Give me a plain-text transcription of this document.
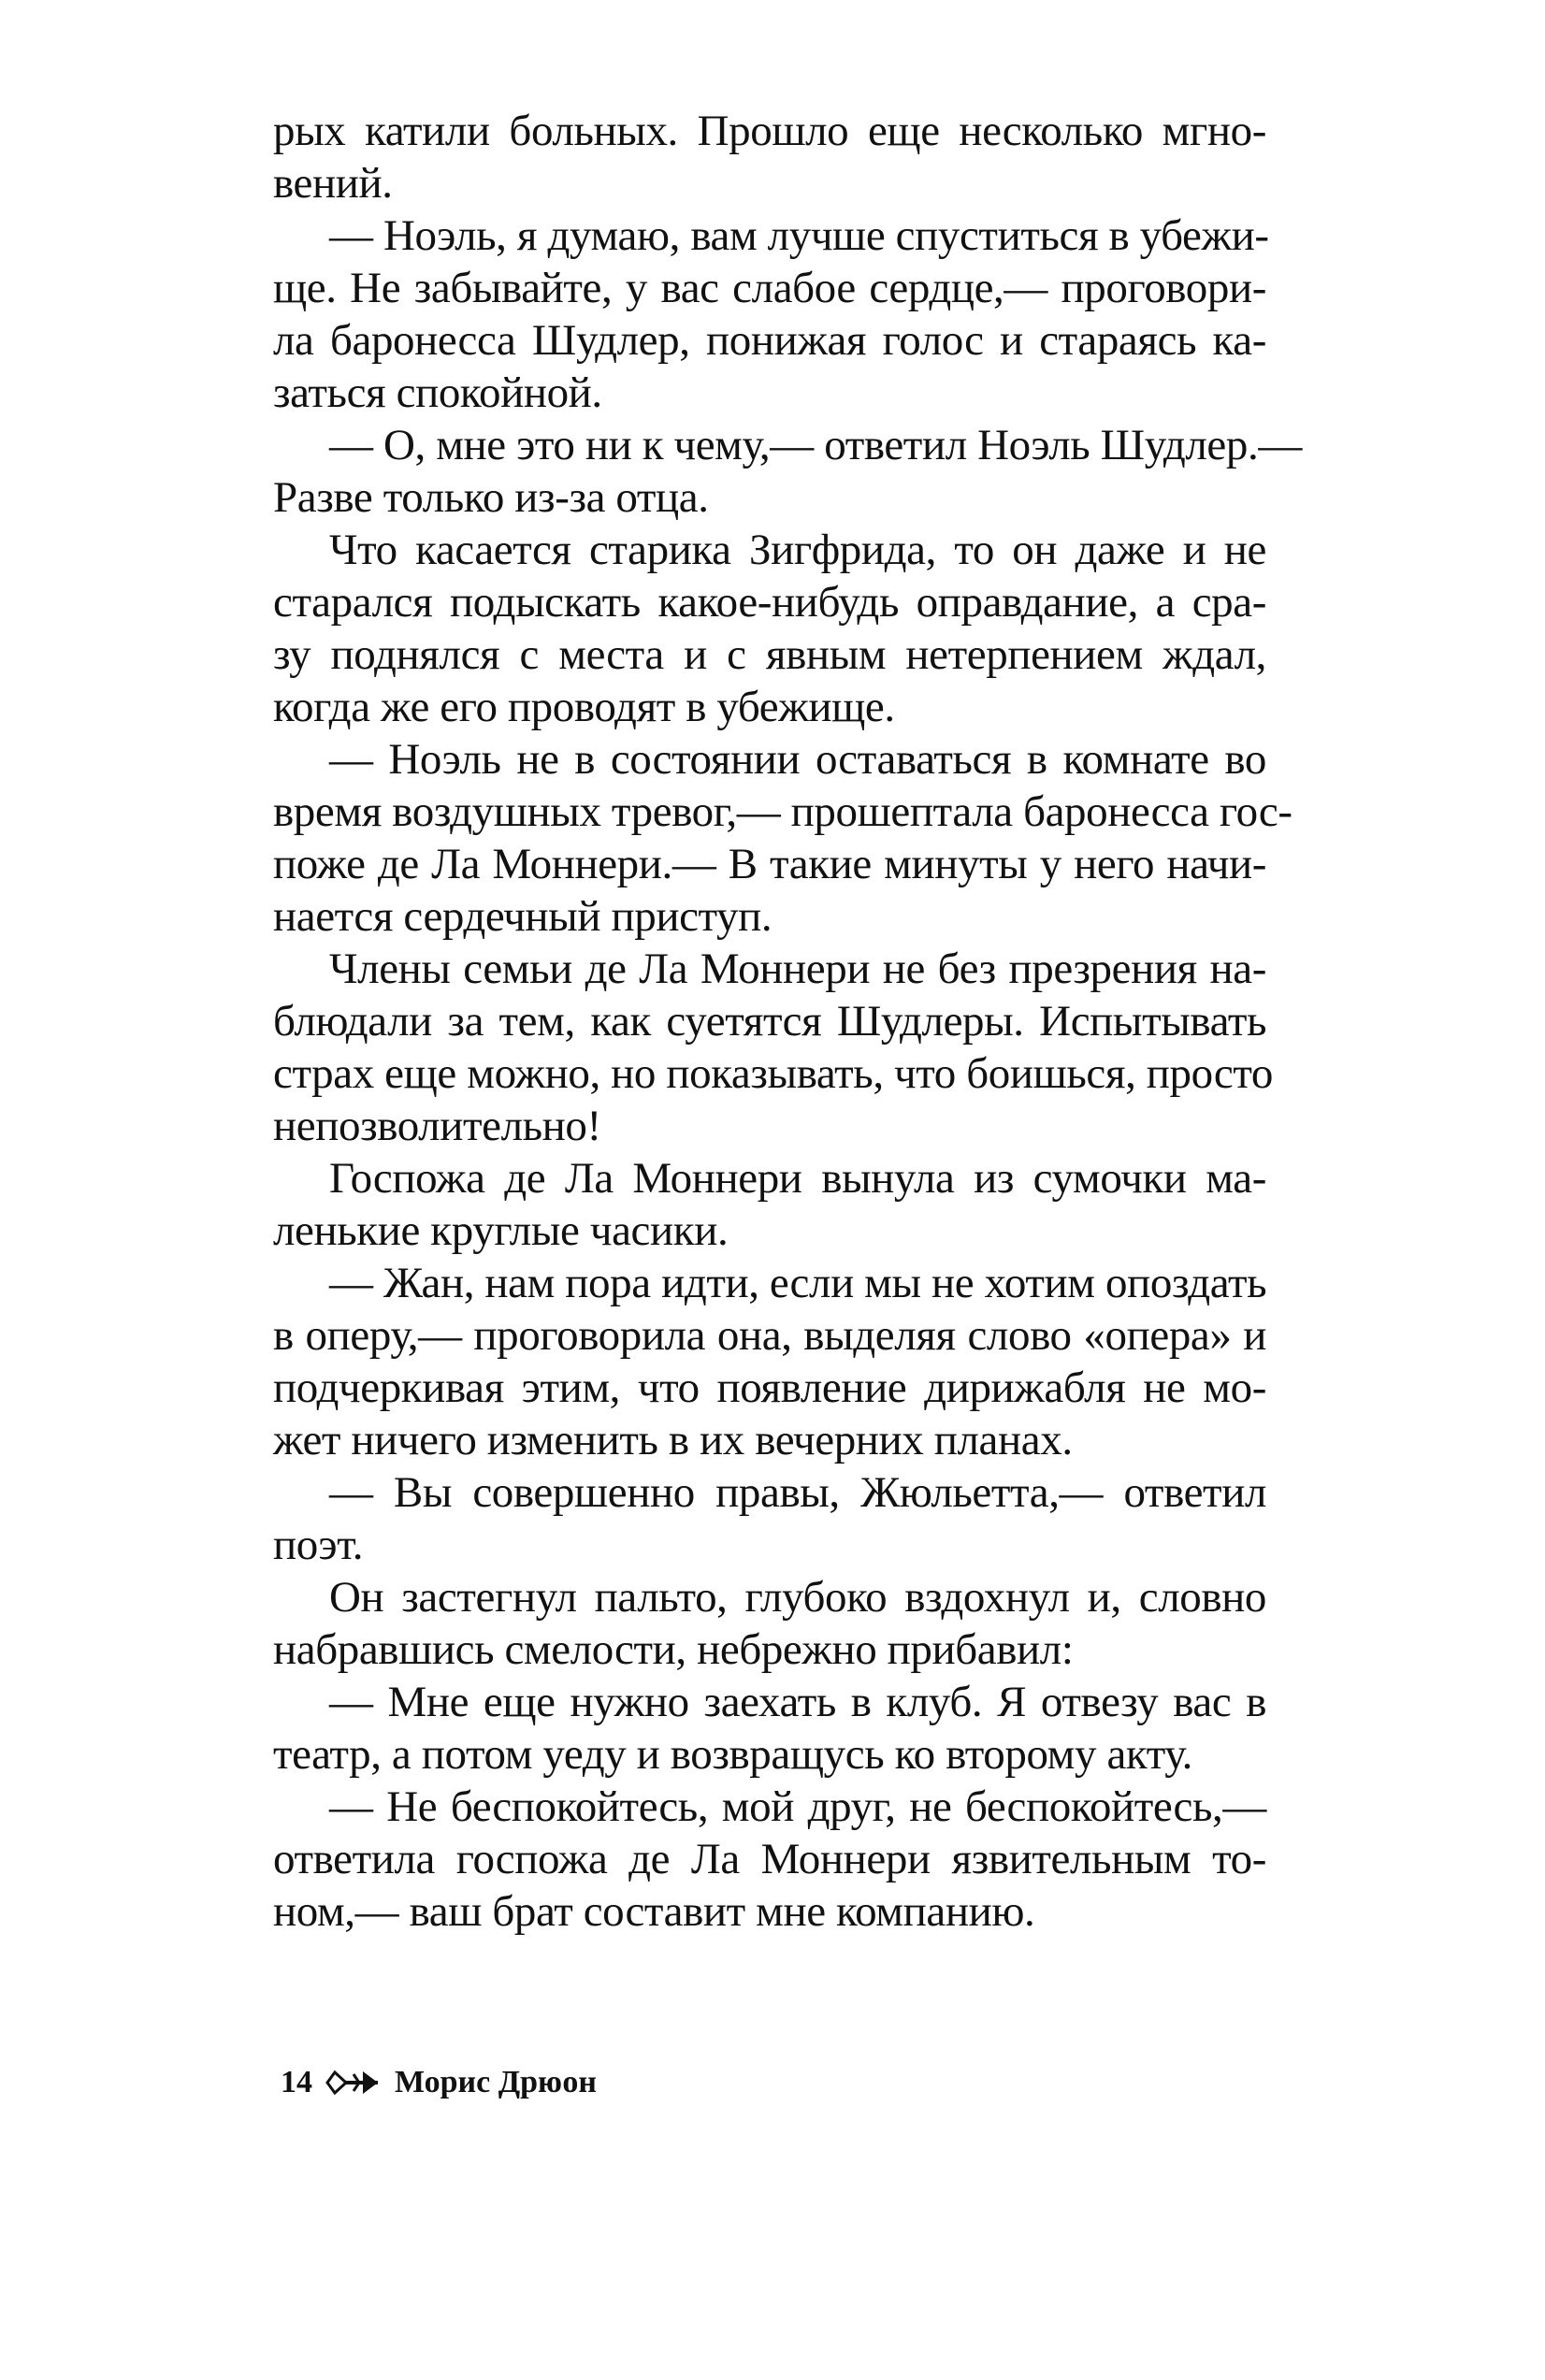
рых катили больных. Прошло еще несколько мгно-
вений.
— Ноэль, я думаю, вам лучше спуститься в убежи-
ще. Не забывайте, у вас слабое сердце,— проговори-
ла баронесса Шудлер, понижая голос и стараясь ка-
заться спокойной.
— О, мне это ни к чему,— ответил Ноэль Шудлер.—
Разве только из-за отца.
Что касается старика Зигфрида, то он даже и не
старался подыскать какое-нибудь оправдание, а сра-
зу поднялся с места и с явным нетерпением ждал,
когда же его проводят в убежище.
— Ноэль не в состоянии оставаться в комнате во
время воздушных тревог,— прошептала баронесса гос-
поже де Ла Моннери.— В такие минуты у него начи-
нается сердечный приступ.
Члены семьи де Ла Моннери не без презрения на-
блюдали за тем, как суетятся Шудлеры. Испытывать
страх еще можно, но показывать, что боишься, просто
непозволительно!
Госпожа де Ла Моннери вынула из сумочки ма-
ленькие круглые часики.
— Жан, нам пора идти, если мы не хотим опоздать
в оперу,— проговорила она, выделяя слово «опера» и
подчеркивая этим, что появление дирижабля не мо-
жет ничего изменить в их вечерних планах.
— Вы совершенно правы, Жюльетта,— ответил
поэт.
Он застегнул пальто, глубоко вздохнул и, словно
набравшись смелости, небрежно прибавил:
— Мне еще нужно заехать в клуб. Я отвезу вас в
театр, а потом уеду и возвращусь ко второму акту.
— Не беспокойтесь, мой друг, не беспокойтесь,—
ответила госпожа де Ла Моннери язвительным то-
ном,— ваш брат составит мне компанию.
14	Морис Дрюон
